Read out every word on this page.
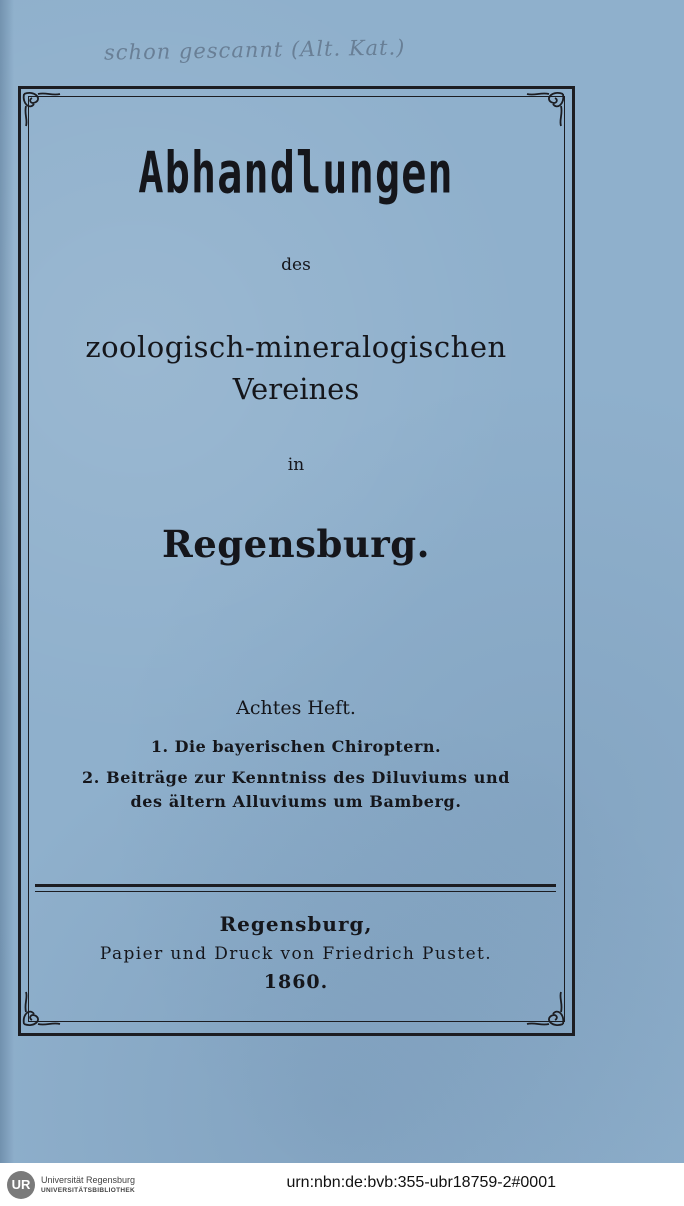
schon gescannt (Alt. Kat.)
Abhandlungen
des
zoologisch-mineralogischen
Vereines
in
Regensburg.
Achtes Heft.
1. Die bayerischen Chiroptern.
2. Beiträge zur Kenntniss des Diluviums und
des ältern Alluviums um Bamberg.
Regensburg,
Papier und Druck von Friedrich Pustet.
1860.
UR	Universität Regensburg
UNIVERSITÄTSBIBLIOTHEK	urn:nbn:de:bvb:355-ubr18759-2#0001
